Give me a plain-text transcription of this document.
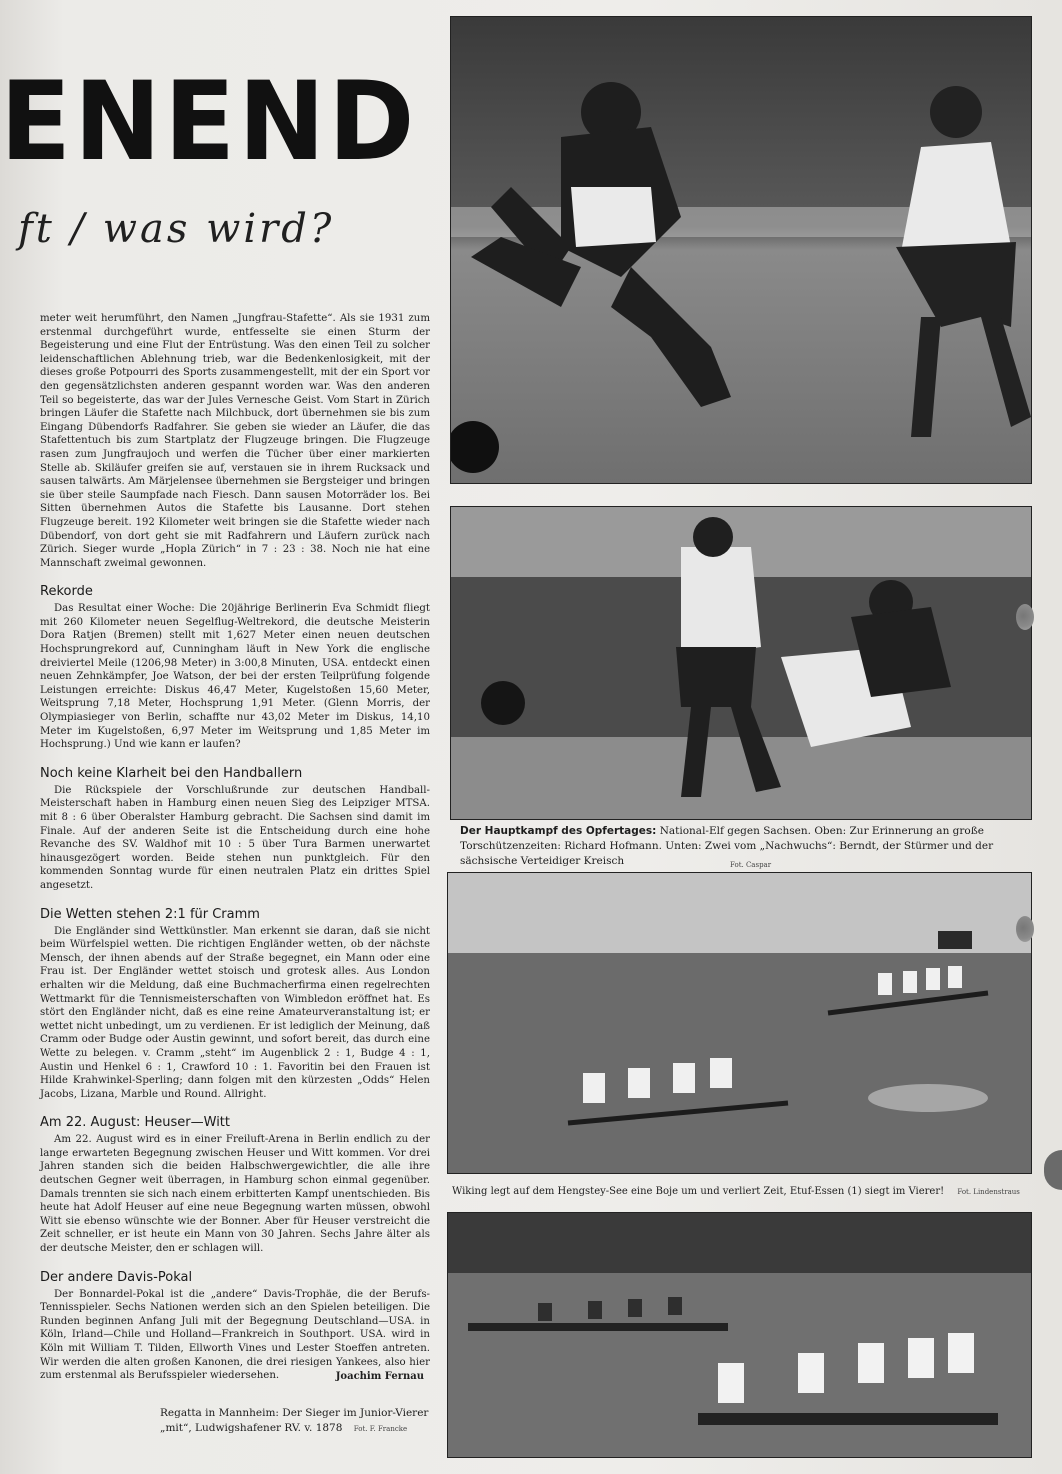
ENEND
ft / was wird?

meter weit herumführt, den Namen „Jungfrau-Stafette“. Als sie 1931 zum erstenmal durchgeführt wurde, entfesselte sie einen Sturm der Begeisterung und eine Flut der Entrüstung. Was den einen Teil zu solcher leidenschaftlichen Ablehnung trieb, war die Bedenkenlosigkeit, mit der dieses große Potpourri des Sports zusammengestellt, mit der ein Sport vor den gegensätzlichsten anderen gespannt worden war. Was den anderen Teil so begeisterte, das war der Jules Vernesche Geist. Vom Start in Zürich bringen Läufer die Stafette nach Milchbuck, dort übernehmen sie bis zum Eingang Dübendorfs Radfahrer. Sie geben sie wieder an Läufer, die das Stafettentuch bis zum Startplatz der Flugzeuge bringen. Die Flugzeuge rasen zum Jungfraujoch und werfen die Tücher über einer markierten Stelle ab. Skiläufer greifen sie auf, verstauen sie in ihrem Rucksack und sausen talwärts. Am Märjelensee übernehmen sie Bergsteiger und bringen sie über steile Saumpfade nach Fiesch. Dann sausen Motorräder los. Bei Sitten übernehmen Autos die Stafette bis Lausanne. Dort stehen Flugzeuge bereit. 192 Kilometer weit bringen sie die Stafette wieder nach Dübendorf, von dort geht sie mit Radfahrern und Läufern zurück nach Zürich. Sieger wurde „Hopla Zürich“ in 7 : 23 : 38. Noch nie hat eine Mannschaft zweimal gewonnen.

Rekorde

Das Resultat einer Woche: Die 20jährige Berlinerin Eva Schmidt fliegt mit 260 Kilometer neuen Segelflug-Weltrekord, die deutsche Meisterin Dora Ratjen (Bremen) stellt mit 1,627 Meter einen neuen deutschen Hochsprungrekord auf, Cunningham läuft in New York die englische dreiviertel Meile (1206,98 Meter) in 3:00,8 Minuten, USA. entdeckt einen neuen Zehnkämpfer, Joe Watson, der bei der ersten Teilprüfung folgende Leistungen erreichte: Diskus 46,47 Meter, Kugelstoßen 15,60 Meter, Weitsprung 7,18 Meter, Hochsprung 1,91 Meter. (Glenn Morris, der Olympiasieger von Berlin, schaffte nur 43,02 Meter im Diskus, 14,10 Meter im Kugelstoßen, 6,97 Meter im Weitsprung und 1,85 Meter im Hochsprung.) Und wie kann er laufen?

Noch keine Klarheit bei den Handballern

Die Rückspiele der Vorschlußrunde zur deutschen Handball-Meisterschaft haben in Hamburg einen neuen Sieg des Leipziger MTSA. mit 8 : 6 über Oberalster Hamburg gebracht. Die Sachsen sind damit im Finale. Auf der anderen Seite ist die Entscheidung durch eine hohe Revanche des SV. Waldhof mit 10 : 5 über Tura Barmen unerwartet hinausgezögert worden. Beide stehen nun punktgleich. Für den kommenden Sonntag wurde für einen neutralen Platz ein drittes Spiel angesetzt.

Die Wetten stehen 2:1 für Cramm

Die Engländer sind Wettkünstler. Man erkennt sie daran, daß sie nicht beim Würfelspiel wetten. Die richtigen Engländer wetten, ob der nächste Mensch, der ihnen abends auf der Straße begegnet, ein Mann oder eine Frau ist. Der Engländer wettet stoisch und grotesk alles. Aus London erhalten wir die Meldung, daß eine Buchmacherfirma einen regelrechten Wettmarkt für die Tennismeisterschaften von Wimbledon eröffnet hat. Es stört den Engländer nicht, daß es eine reine Amateurveranstaltung ist; er wettet nicht unbedingt, um zu verdienen. Er ist lediglich der Meinung, daß Cramm oder Budge oder Austin gewinnt, und sofort bereit, das durch eine Wette zu belegen. v. Cramm „steht“ im Augenblick 2 : 1, Budge 4 : 1, Austin und Henkel 6 : 1, Crawford 10 : 1. Favoritin bei den Frauen ist Hilde Krahwinkel-Sperling; dann folgen mit den kürzesten „Odds“ Helen Jacobs, Lizana, Marble und Round. Allright.

Am 22. August: Heuser—Witt

Am 22. August wird es in einer Freiluft-Arena in Berlin endlich zu der lange erwarteten Begegnung zwischen Heuser und Witt kommen. Vor drei Jahren standen sich die beiden Halbschwergewichtler, die alle ihre deutschen Gegner weit überragen, in Hamburg schon einmal gegenüber. Damals trennten sie sich nach einem erbitterten Kampf unentschieden. Bis heute hat Adolf Heuser auf eine neue Begegnung warten müssen, obwohl Witt sie ebenso wünschte wie der Bonner. Aber für Heuser verstreicht die Zeit schneller, er ist heute ein Mann von 30 Jahren. Sechs Jahre älter als der deutsche Meister, den er schlagen will.

Der andere Davis-Pokal

Der Bonnardel-Pokal ist die „andere“ Davis-Trophäe, die der Berufs-Tennisspieler. Sechs Nationen werden sich an den Spielen beteiligen. Die Runden beginnen Anfang Juli mit der Begegnung Deutschland—USA. in Köln, Irland—Chile und Holland—Frankreich in Southport. USA. wird in Köln mit William T. Tilden, Ellworth Vines und Lester Stoeffen antreten. Wir werden die alten großen Kanonen, die drei riesigen Yankees, also hier zum erstenmal als Berufsspieler wiedersehen.	Joachim Fernau

Regatta in Mannheim: Der Sieger im Junior-Vierer
„mit“, Ludwigshafener RV. v. 1878 Fot. F. Francke
Der Hauptkampf des Opfertages: National-Elf gegen Sachsen. Oben: Zur Erinnerung an große Torschützenzeiten: Richard Hofmann. Unten: Zwei vom „Nachwuchs“: Berndt, der Stürmer und der sächsische Verteidiger Kreisch	Fot. Caspar
Wiking legt auf dem Hengstey-See eine Boje um und verliert Zeit, Etuf-Essen (1) siegt im Vierer! Fot. Lindenstraus
